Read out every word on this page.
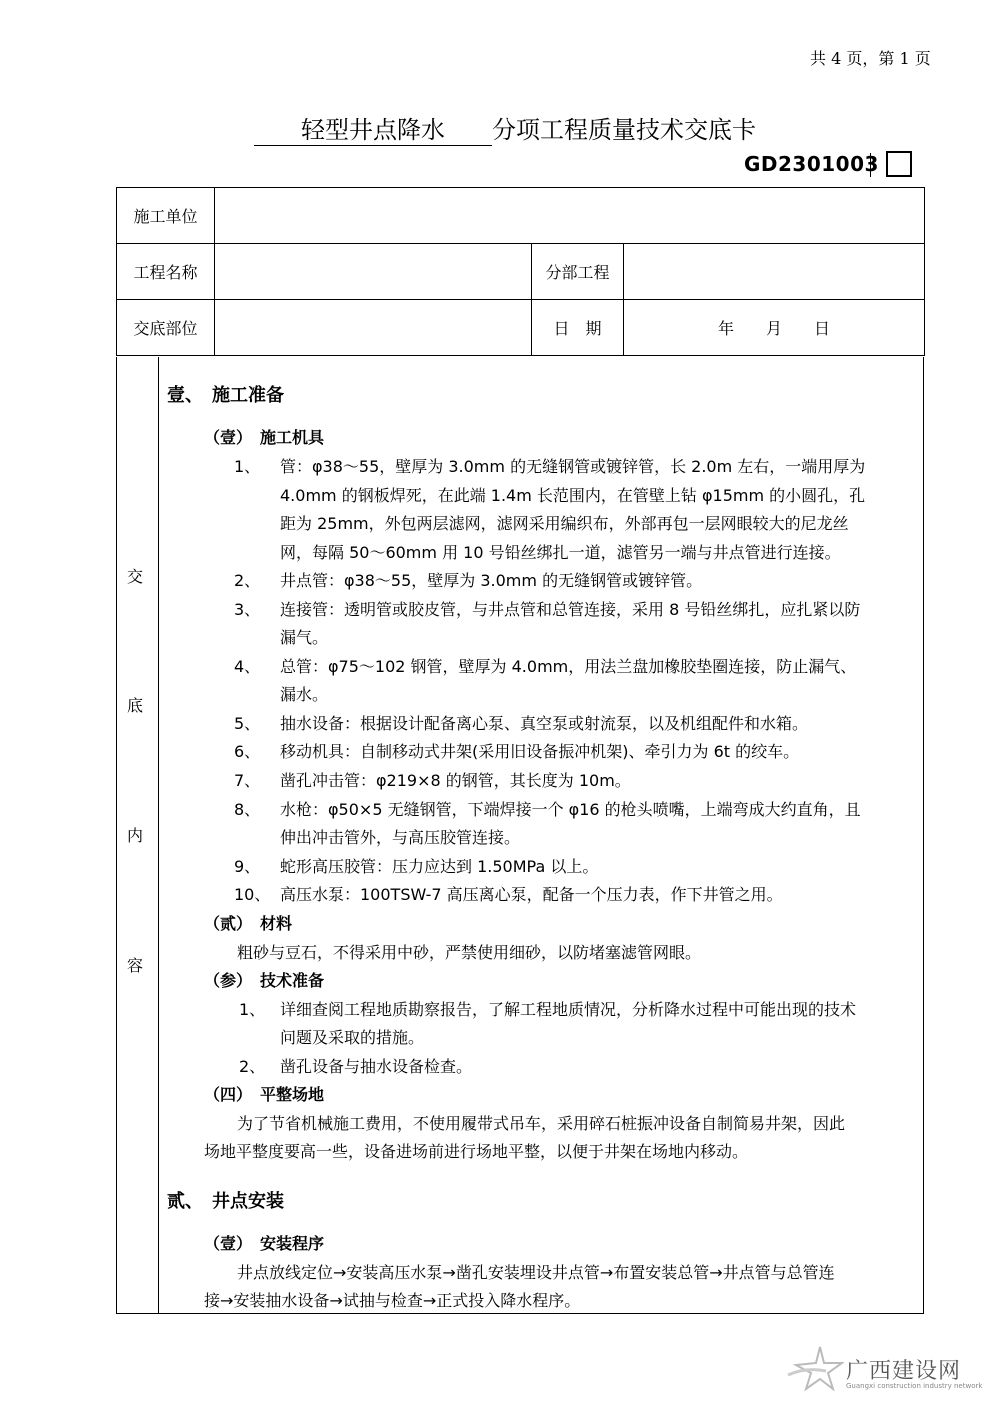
共 4 页，第 1 页
轻型井点降水 分项工程质量技术交底卡
GD2301003
施工单位			
工程名称		分部工程	
交底部位		日　期	年　　月　　日
交
底
内
容
壹、　施工准备
（壹）　施工机具
1、 管：φ38～55，壁厚为 3.0mm 的无缝钢管或镀锌管，长 2.0m 左右，一端用厚为
4.0mm 的钢板焊死，在此端 1.4m 长范围内，在管壁上钻 φ15mm 的小圆孔，孔
距为 25mm，外包两层滤网，滤网采用编织布，外部再包一层网眼较大的尼龙丝
网，每隔 50～60mm 用 10 号铅丝绑扎一道，滤管另一端与井点管进行连接。
2、 井点管：φ38～55，壁厚为 3.0mm 的无缝钢管或镀锌管。
3、 连接管：透明管或胶皮管，与井点管和总管连接，采用 8 号铅丝绑扎，应扎紧以防
漏气。
4、 总管：φ75～102 钢管，壁厚为 4.0mm，用法兰盘加橡胶垫圈连接，防止漏气、
漏水。
5、 抽水设备：根据设计配备离心泵、真空泵或射流泵，以及机组配件和水箱。
6、 移动机具：自制移动式井架(采用旧设备振冲机架)、牵引力为 6t 的绞车。
7、 凿孔冲击管：φ219×8 的钢管，其长度为 10m。
8、 水枪：φ50×5 无缝钢管，下端焊接一个 φ16 的枪头喷嘴，上端弯成大约直角，且
伸出冲击管外，与高压胶管连接。
9、 蛇形高压胶管：压力应达到 1.50MPa 以上。
10、 高压水泵：100TSW-7 高压离心泵，配备一个压力表，作下井管之用。
（贰）　材料
粗砂与豆石，不得采用中砂，严禁使用细砂，以防堵塞滤管网眼。
（参）　技术准备
1、 详细查阅工程地质勘察报告，了解工程地质情况，分析降水过程中可能出现的技术
问题及采取的措施。
2、 凿孔设备与抽水设备检查。
（四）　平整场地
为了节省机械施工费用，不使用履带式吊车，采用碎石桩振冲设备自制简易井架，因此
场地平整度要高一些，设备进场前进行场地平整，以便于井架在场地内移动。
贰、　井点安装
（壹）　安装程序
井点放线定位→安装高压水泵→凿孔安装埋设井点管→布置安装总管→井点管与总管连
接→安装抽水设备→试抽与检查→正式投入降水程序。
广西建设网
Guangxi construction industry network
